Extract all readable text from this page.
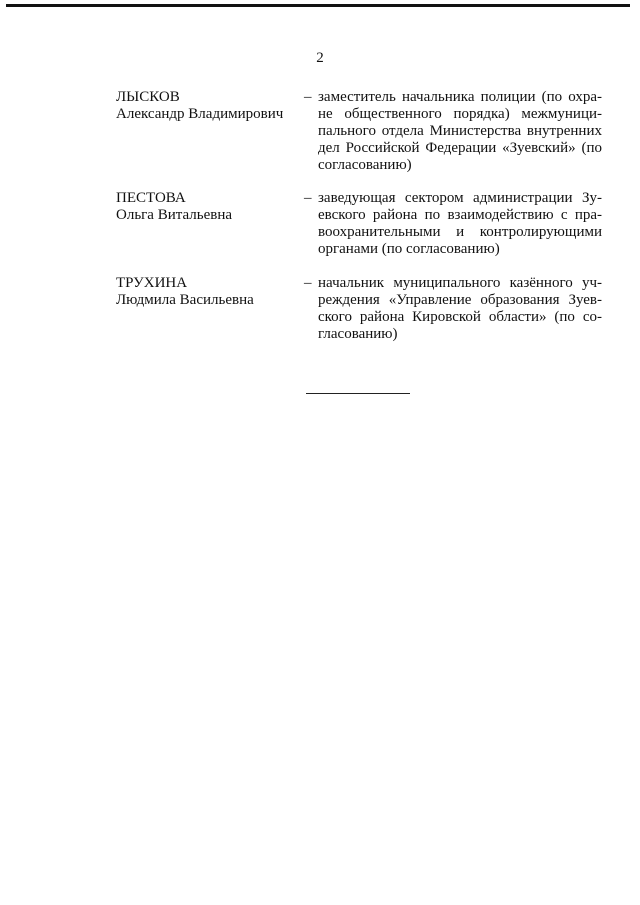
2
ЛЫСКОВ
Александр Владимирович
– заместитель начальника полиции (по охра-
не общественного порядка) межмуници-
пального отдела Министерства внутренних
дел Российской Федерации «Зуевский» (по
согласованию)
ПЕСТОВА
Ольга Витальевна
– заведующая сектором администрации Зу-
евского района по взаимодействию с пра-
воохранительными и контролирующими
органами (по согласованию)
ТРУХИНА
Людмила Васильевна
– начальник муниципального казённого уч-
реждения «Управление образования Зуев-
ского района Кировской области» (по со-
гласованию)
